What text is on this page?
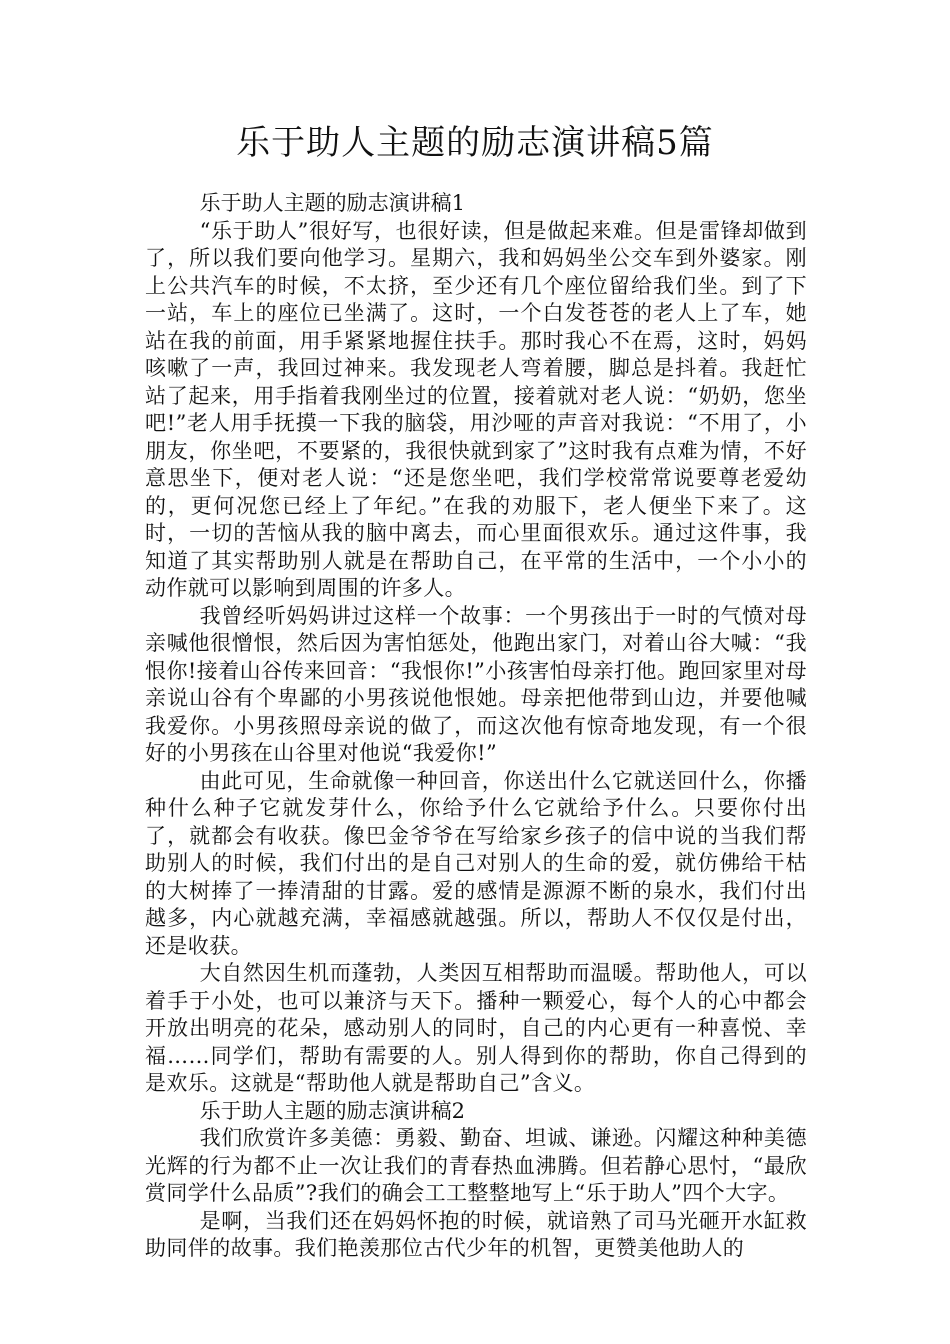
乐于助人主题的励志演讲稿5篇

乐于助人主题的励志演讲稿1

“乐于助人”很好写，也很好读，但是做起来难。但是雷锋却做到了，所以我们要向他学习。星期六，我和妈妈坐公交车到外婆家。刚上公共汽车的时候，不太挤，至少还有几个座位留给我们坐。到了下一站，车上的座位已坐满了。这时，一个白发苍苍的老人上了车，她站在我的前面，用手紧紧地握住扶手。那时我心不在焉，这时，妈妈咳嗽了一声，我回过神来。我发现老人弯着腰，脚总是抖着。我赶忙站了起来，用手指着我刚坐过的位置，接着就对老人说：“奶奶，您坐吧!”老人用手抚摸一下我的脑袋，用沙哑的声音对我说：“不用了，小朋友，你坐吧，不要紧的，我很快就到家了”这时我有点难为情，不好意思坐下，便对老人说：“还是您坐吧，我们学校常常说要尊老爱幼的，更何况您已经上了年纪。”在我的劝服下，老人便坐下来了。这时，一切的苦恼从我的脑中离去，而心里面很欢乐。通过这件事，我知道了其实帮助别人就是在帮助自己，在平常的生活中，一个小小的动作就可以影响到周围的许多人。

我曾经听妈妈讲过这样一个故事：一个男孩出于一时的气愤对母亲喊他很憎恨，然后因为害怕惩处，他跑出家门，对着山谷大喊：“我恨你!接着山谷传来回音：“我恨你!”小孩害怕母亲打他。跑回家里对母亲说山谷有个卑鄙的小男孩说他恨她。母亲把他带到山边，并要他喊我爱你。小男孩照母亲说的做了，而这次他有惊奇地发现，有一个很好的小男孩在山谷里对他说“我爱你!”

由此可见，生命就像一种回音，你送出什么它就送回什么，你播种什么种子它就发芽什么，你给予什么它就给予什么。只要你付出了，就都会有收获。像巴金爷爷在写给家乡孩子的信中说的当我们帮助别人的时候，我们付出的是自己对别人的生命的爱，就仿佛给干枯的大树捧了一捧清甜的甘露。爱的感情是源源不断的泉水，我们付出越多，内心就越充满，幸福感就越强。所以，帮助人不仅仅是付出，还是收获。

大自然因生机而蓬勃，人类因互相帮助而温暖。帮助他人，可以着手于小处，也可以兼济与天下。播种一颗爱心，每个人的心中都会开放出明亮的花朵，感动别人的同时，自己的内心更有一种喜悦、幸福……同学们，帮助有需要的人。别人得到你的帮助，你自己得到的是欢乐。这就是“帮助他人就是帮助自己”含义。

乐于助人主题的励志演讲稿2

我们欣赏许多美德：勇毅、勤奋、坦诚、谦逊。闪耀这种种美德光辉的行为都不止一次让我们的青春热血沸腾。但若静心思忖，“最欣赏同学什么品质”?我们的确会工工整整地写上“乐于助人”四个大字。

是啊，当我们还在妈妈怀抱的时候，就谙熟了司马光砸开水缸救助同伴的故事。我们艳羡那位古代少年的机智，更赞美他助人的
